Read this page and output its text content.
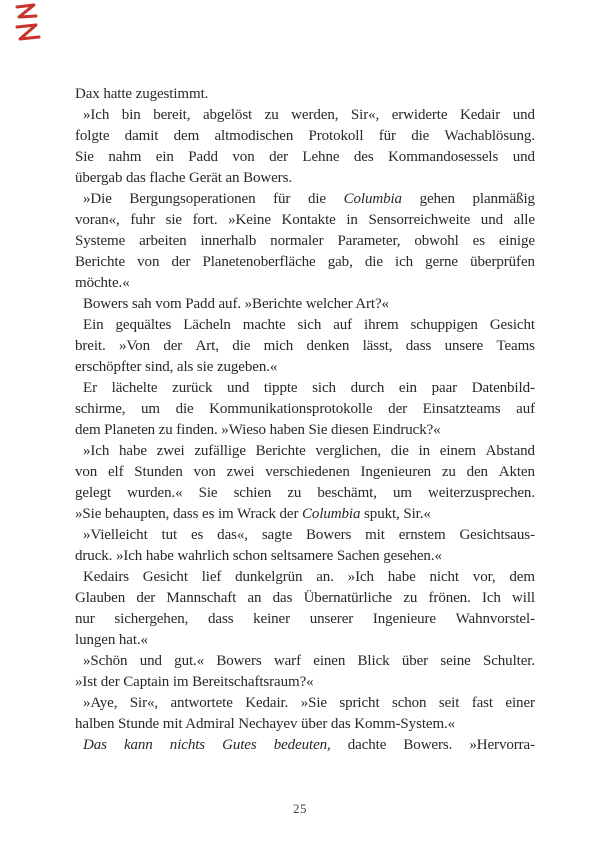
Dax hatte zugestimmt.
»Ich bin bereit, abgelöst zu werden, Sir«, erwiderte Kedair und
folgte damit dem altmodischen Protokoll für die Wachablösung.
Sie nahm ein Padd von der Lehne des Kommandosessels und
übergab das flache Gerät an Bowers.
»Die Bergungsoperationen für die Columbia gehen planmäßig
voran«, fuhr sie fort. »Keine Kontakte in Sensorreichweite und alle
Systeme arbeiten innerhalb normaler Parameter, obwohl es einige
Berichte von der Planetenoberfläche gab, die ich gerne überprüfen
möchte.«
Bowers sah vom Padd auf. »Berichte welcher Art?«
Ein gequältes Lächeln machte sich auf ihrem schuppigen Gesicht
breit. »Von der Art, die mich denken lässt, dass unsere Teams
erschöpfter sind, als sie zugeben.«
Er lächelte zurück und tippte sich durch ein paar Datenbild-
schirme, um die Kommunikationsprotokolle der Einsatzteams auf
dem Planeten zu finden. »Wieso haben Sie diesen Eindruck?«
»Ich habe zwei zufällige Berichte verglichen, die in einem Abstand
von elf Stunden von zwei verschiedenen Ingenieuren zu den Akten
gelegt wurden.« Sie schien zu beschämt, um weiterzusprechen.
»Sie behaupten, dass es im Wrack der Columbia spukt, Sir.«
»Vielleicht tut es das«, sagte Bowers mit ernstem Gesichtsaus-
druck. »Ich habe wahrlich schon seltsamere Sachen gesehen.«
Kedairs Gesicht lief dunkelgrün an. »Ich habe nicht vor, dem
Glauben der Mannschaft an das Übernatürliche zu frönen. Ich will
nur sichergehen, dass keiner unserer Ingenieure Wahnvorstel-
lungen hat.«
»Schön und gut.« Bowers warf einen Blick über seine Schulter.
»Ist der Captain im Bereitschaftsraum?«
»Aye, Sir«, antwortete Kedair. »Sie spricht schon seit fast einer
halben Stunde mit Admiral Nechayev über das Komm-System.«
Das kann nichts Gutes bedeuten, dachte Bowers. »Hervorra-
25
